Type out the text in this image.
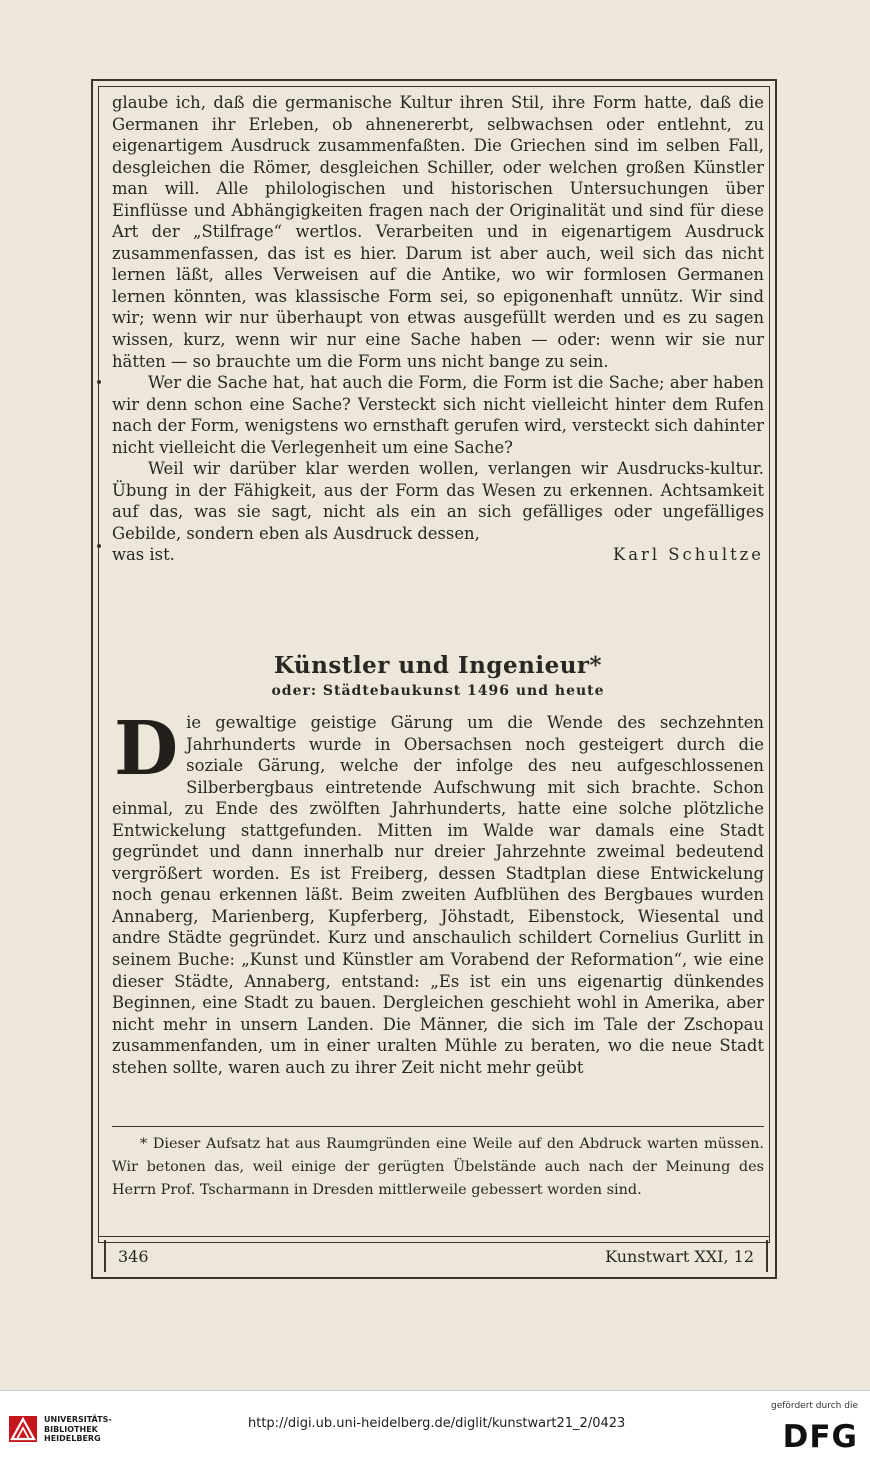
glaube ich, daß die germanische Kultur ihren Stil, ihre Form hatte, daß die Germanen ihr Erleben, ob ahnenererbt, selbwachsen oder entlehnt, zu eigenartigem Ausdruck zusammenfaßten. Die Griechen sind im selben Fall, desgleichen die Römer, desgleichen Schiller, oder welchen großen Künstler man will. Alle philologischen und historischen Untersuchungen über Einflüsse und Abhängigkeiten fragen nach der Originalität und sind für diese Art der „Stilfrage“ wertlos. Verarbeiten und in eigenartigem Ausdruck zusammenfassen, das ist es hier. Darum ist aber auch, weil sich das nicht lernen läßt, alles Verweisen auf die Antike, wo wir formlosen Germanen lernen könnten, was klassische Form sei, so epigonenhaft unnütz. Wir sind wir; wenn wir nur überhaupt von etwas ausgefüllt werden und es zu sagen wissen, kurz, wenn wir nur eine Sache haben — oder: wenn wir sie nur hätten — so brauchte um die Form uns nicht bange zu sein.

Wer die Sache hat, hat auch die Form, die Form ist die Sache; aber haben wir denn schon eine Sache? Versteckt sich nicht vielleicht hinter dem Rufen nach der Form, wenigstens wo ernsthaft gerufen wird, versteckt sich dahinter nicht vielleicht die Verlegenheit um eine Sache?

Weil wir darüber klar werden wollen, verlangen wir Ausdrucks-kultur. Übung in der Fähigkeit, aus der Form das Wesen zu erkennen. Achtsamkeit auf das, was sie sagt, nicht als ein an sich gefälliges oder ungefälliges Gebilde, sondern eben als Ausdruck dessen,

was ist.	Karl Schultze
Künstler und Ingenieur*
oder: Städtebaukunst 1496 und heute
D ie gewaltige geistige Gärung um die Wende des sechzehnten Jahrhunderts wurde in Obersachsen noch gesteigert durch die soziale Gärung, welche der infolge des neu aufgeschlossenen Silberbergbaus eintretende Aufschwung mit sich brachte. Schon einmal, zu Ende des zwölften Jahrhunderts, hatte eine solche plötzliche Entwickelung stattgefunden. Mitten im Walde war damals eine Stadt gegründet und dann innerhalb nur dreier Jahrzehnte zweimal bedeutend vergrößert worden. Es ist Freiberg, dessen Stadtplan diese Entwickelung noch genau erkennen läßt. Beim zweiten Aufblühen des Bergbaues wurden Annaberg, Marienberg, Kupferberg, Jöhstadt, Eibenstock, Wiesental und andre Städte gegründet. Kurz und anschaulich schildert Cornelius Gurlitt in seinem Buche: „Kunst und Künstler am Vorabend der Reformation“, wie eine dieser Städte, Annaberg, entstand: „Es ist ein uns eigenartig dünkendes Beginnen, eine Stadt zu bauen. Dergleichen geschieht wohl in Amerika, aber nicht mehr in unsern Landen. Die Männer, die sich im Tale der Zschopau zusammenfanden, um in einer uralten Mühle zu beraten, wo die neue Stadt stehen sollte, waren auch zu ihrer Zeit nicht mehr geübt

* Dieser Aufsatz hat aus Raumgründen eine Weile auf den Abdruck warten müssen. Wir betonen das, weil einige der gerügten Übelstände auch nach der Meinung des Herrn Prof. Tscharmann in Dresden mittlerweile gebessert worden sind.

346	Kunstwart XXI, 12
UNIVERSITÄTS-
BIBLIOTHEK
HEIDELBERG
http://digi.ub.uni-heidelberg.de/diglit/kunstwart21_2/0423
gefördert durch die
DFG
